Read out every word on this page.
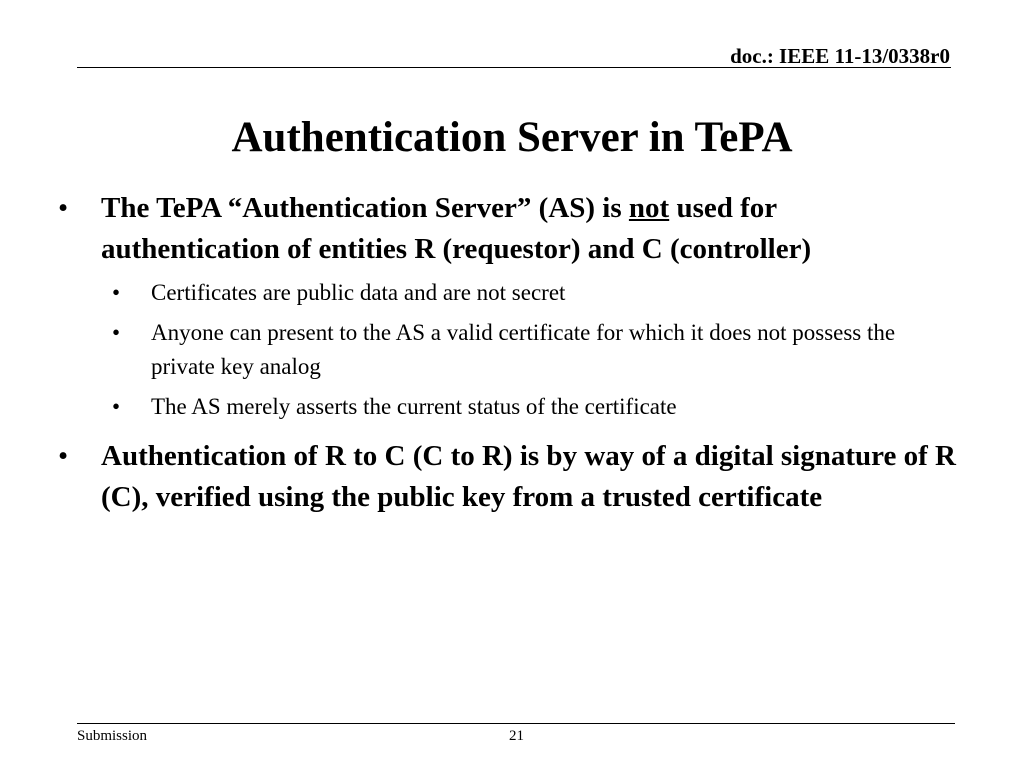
doc.: IEEE 11-13/0338r0
Authentication Server in TePA
• The TePA “Authentication Server” (AS) is not used for authentication of entities R (requestor) and C (controller)
• Certificates are public data and are not secret
• Anyone can present to the AS a valid certificate for which it does not possess the private key analog
• The AS merely asserts the current status of the certificate
• Authentication of R to C (C to R) is by way of a digital signature of R (C), verified using the public key from a trusted certificate
Submission	21
